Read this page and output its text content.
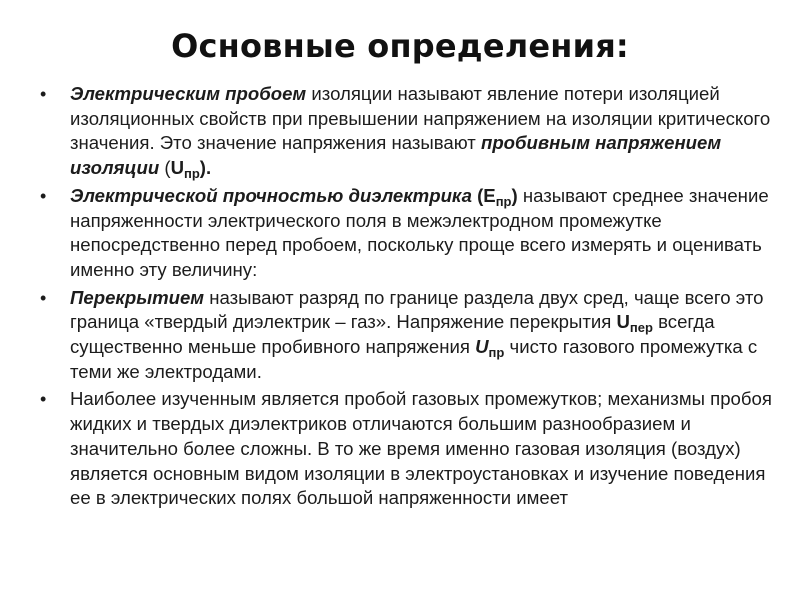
Основные определения:
•	Электрическим пробоем изоляции называют явление потери изоляцией изоляционных свойств при превышении напряжением на изоляции критического значения. Это значение напряжения называют пробивным напряжением изоляции $(U_{пр})$.
•	Электрической прочностью диэлектрика $(E_{пр})$ называют среднее значение напряженности электрического поля в межэлектродном промежутке непосредственно перед пробоем, поскольку проще всего измерять и оценивать именно эту величину:
•	Перекрытием называют разряд по границе раздела двух сред, чаще всего это граница «твердый диэлектрик – газ». Напряжение перекрытия $U_{пер}$ всегда существенно меньше пробивного напряжения $U_{пр}$ чисто газового промежутка с теми же электродами.
•	Наиболее изученным является пробой газовых промежутков; механизмы пробоя жидких и твердых диэлектриков отличаются большим разнообразием и значительно более сложны. В то же время именно газовая изоляция (воздух) является основным видом изоляции в электроустановках и изучение поведения ее в электрических полях большой напряженности имеет
